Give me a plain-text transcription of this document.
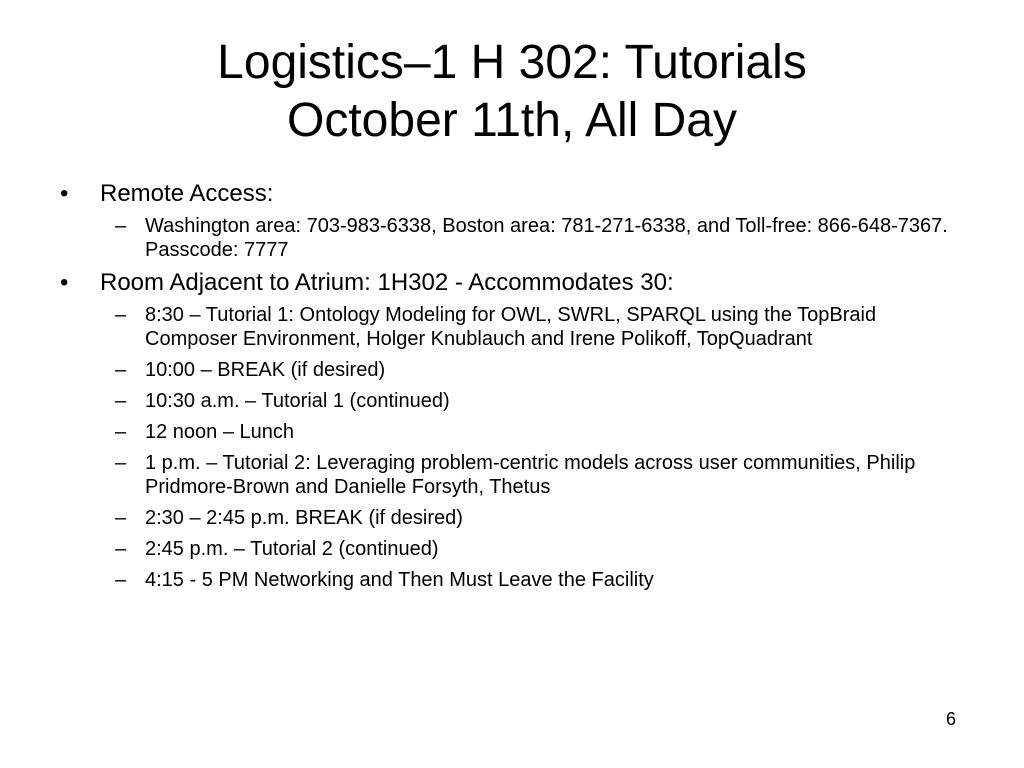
Logistics–1 H 302: Tutorials
October 11th, All Day
• Remote Access:
– Washington area: 703-983-6338, Boston area: 781-271-6338, and Toll-free: 866-648-7367. Passcode: 7777
• Room Adjacent to Atrium: 1H302 - Accommodates 30:
– 8:30 – Tutorial 1: Ontology Modeling for OWL, SWRL, SPARQL using the TopBraid Composer Environment, Holger Knublauch and Irene Polikoff, TopQuadrant
– 10:00 – BREAK (if desired)
– 10:30 a.m. – Tutorial 1 (continued)
– 12 noon – Lunch
– 1 p.m. – Tutorial 2: Leveraging problem-centric models across user communities, Philip Pridmore-Brown and Danielle Forsyth, Thetus
– 2:30 – 2:45 p.m. BREAK (if desired)
– 2:45 p.m. – Tutorial 2 (continued)
– 4:15 - 5 PM Networking and Then Must Leave the Facility
6
